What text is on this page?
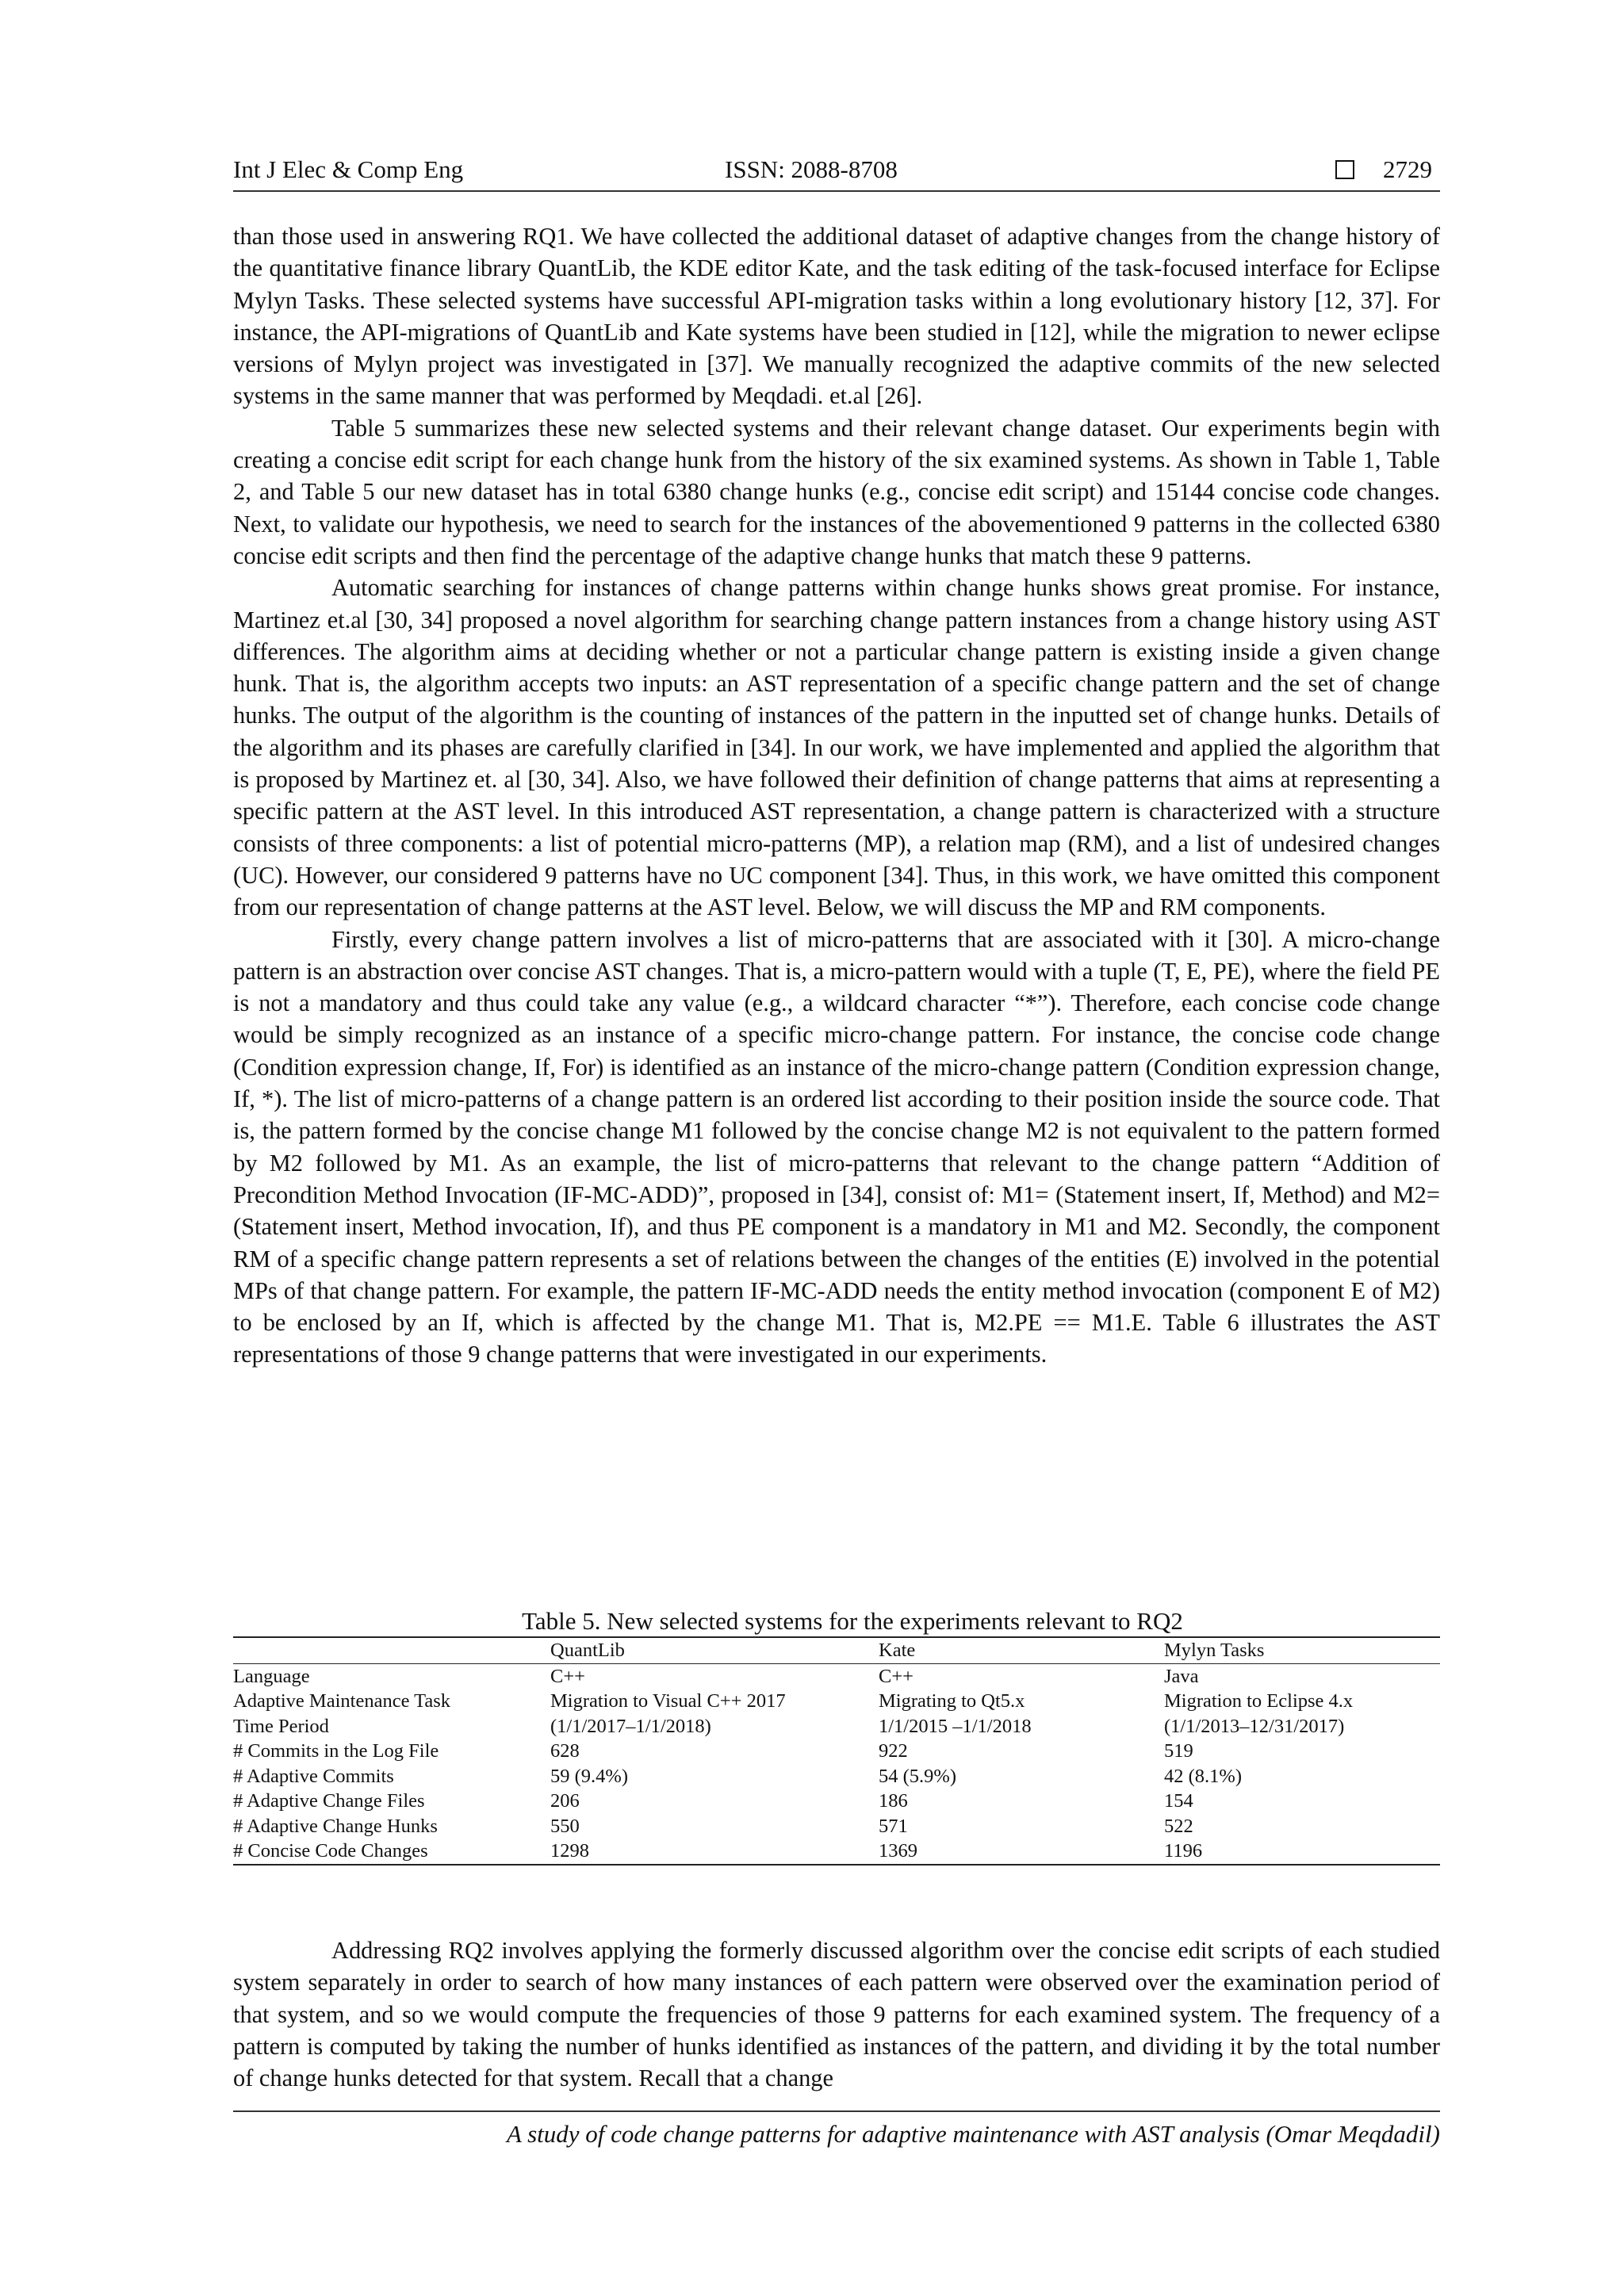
Int J Elec & Comp Eng	ISSN: 2088-8708	2729

than those used in answering RQ1. We have collected the additional dataset of adaptive changes from the change history of the quantitative finance library QuantLib, the KDE editor Kate, and the task editing of the task-focused interface for Eclipse Mylyn Tasks. These selected systems have successful API-migration tasks within a long evolutionary history [12, 37]. For instance, the API-migrations of QuantLib and Kate systems have been studied in [12], while the migration to newer eclipse versions of Mylyn project was investigated in [37]. We manually recognized the adaptive commits of the new selected systems in the same manner that was performed by Meqdadi. et.al [26].

Table 5 summarizes these new selected systems and their relevant change dataset. Our experiments begin with creating a concise edit script for each change hunk from the history of the six examined systems. As shown in Table 1, Table 2, and Table 5 our new dataset has in total 6380 change hunks (e.g., concise edit script) and 15144 concise code changes. Next, to validate our hypothesis, we need to search for the instances of the abovementioned 9 patterns in the collected 6380 concise edit scripts and then find the percentage of the adaptive change hunks that match these 9 patterns.

Automatic searching for instances of change patterns within change hunks shows great promise. For instance, Martinez et.al [30, 34] proposed a novel algorithm for searching change pattern instances from a change history using AST differences. The algorithm aims at deciding whether or not a particular change pattern is existing inside a given change hunk. That is, the algorithm accepts two inputs: an AST representation of a specific change pattern and the set of change hunks. The output of the algorithm is the counting of instances of the pattern in the inputted set of change hunks. Details of the algorithm and its phases are carefully clarified in [34]. In our work, we have implemented and applied the algorithm that is proposed by Martinez et. al [30, 34]. Also, we have followed their definition of change patterns that aims at representing a specific pattern at the AST level. In this introduced AST representation, a change pattern is characterized with a structure consists of three components: a list of potential micro-patterns (MP), a relation map (RM), and a list of undesired changes (UC). However, our considered 9 patterns have no UC component [34]. Thus, in this work, we have omitted this component from our representation of change patterns at the AST level. Below, we will discuss the MP and RM components.

Firstly, every change pattern involves a list of micro-patterns that are associated with it [30]. A micro-change pattern is an abstraction over concise AST changes. That is, a micro-pattern would with a tuple (T, E, PE), where the field PE is not a mandatory and thus could take any value (e.g., a wildcard character “*”). Therefore, each concise code change would be simply recognized as an instance of a specific micro-change pattern. For instance, the concise code change (Condition expression change, If, For) is identified as an instance of the micro-change pattern (Condition expression change, If, *). The list of micro-patterns of a change pattern is an ordered list according to their position inside the source code. That is, the pattern formed by the concise change M1 followed by the concise change M2 is not equivalent to the pattern formed by M2 followed by M1. As an example, the list of micro-patterns that relevant to the change pattern “Addition of Precondition Method Invocation (IF-MC-ADD)”, proposed in [34], consist of: M1= (Statement insert, If, Method) and M2= (Statement insert, Method invocation, If), and thus PE component is a mandatory in M1 and M2. Secondly, the component RM of a specific change pattern represents a set of relations between the changes of the entities (E) involved in the potential MPs of that change pattern. For example, the pattern IF-MC-ADD needs the entity method invocation (component E of M2) to be enclosed by an If, which is affected by the change M1. That is, M2.PE == M1.E. Table 6 illustrates the AST representations of those 9 change patterns that were investigated in our experiments.

Table 5. New selected systems for the experiments relevant to RQ2
	QuantLib	Kate	Mylyn Tasks
Language	C++	C++	Java
Adaptive Maintenance Task	Migration to Visual C++ 2017	Migrating to Qt5.x	Migration to Eclipse 4.x
Time Period	(1/1/2017–1/1/2018)	1/1/2015 –1/1/2018	(1/1/2013–12/31/2017)
# Commits in the Log File	628	922	519
# Adaptive Commits	59 (9.4%)	54 (5.9%)	42 (8.1%)
# Adaptive Change Files	206	186	154
# Adaptive Change Hunks	550	571	522
# Concise Code Changes	1298	1369	1196

Addressing RQ2 involves applying the formerly discussed algorithm over the concise edit scripts of each studied system separately in order to search of how many instances of each pattern were observed over the examination period of that system, and so we would compute the frequencies of those 9 patterns for each examined system. The frequency of a pattern is computed by taking the number of hunks identified as instances of the pattern, and dividing it by the total number of change hunks detected for that system. Recall that a change

A study of code change patterns for adaptive maintenance with AST analysis (Omar Meqdadil)
